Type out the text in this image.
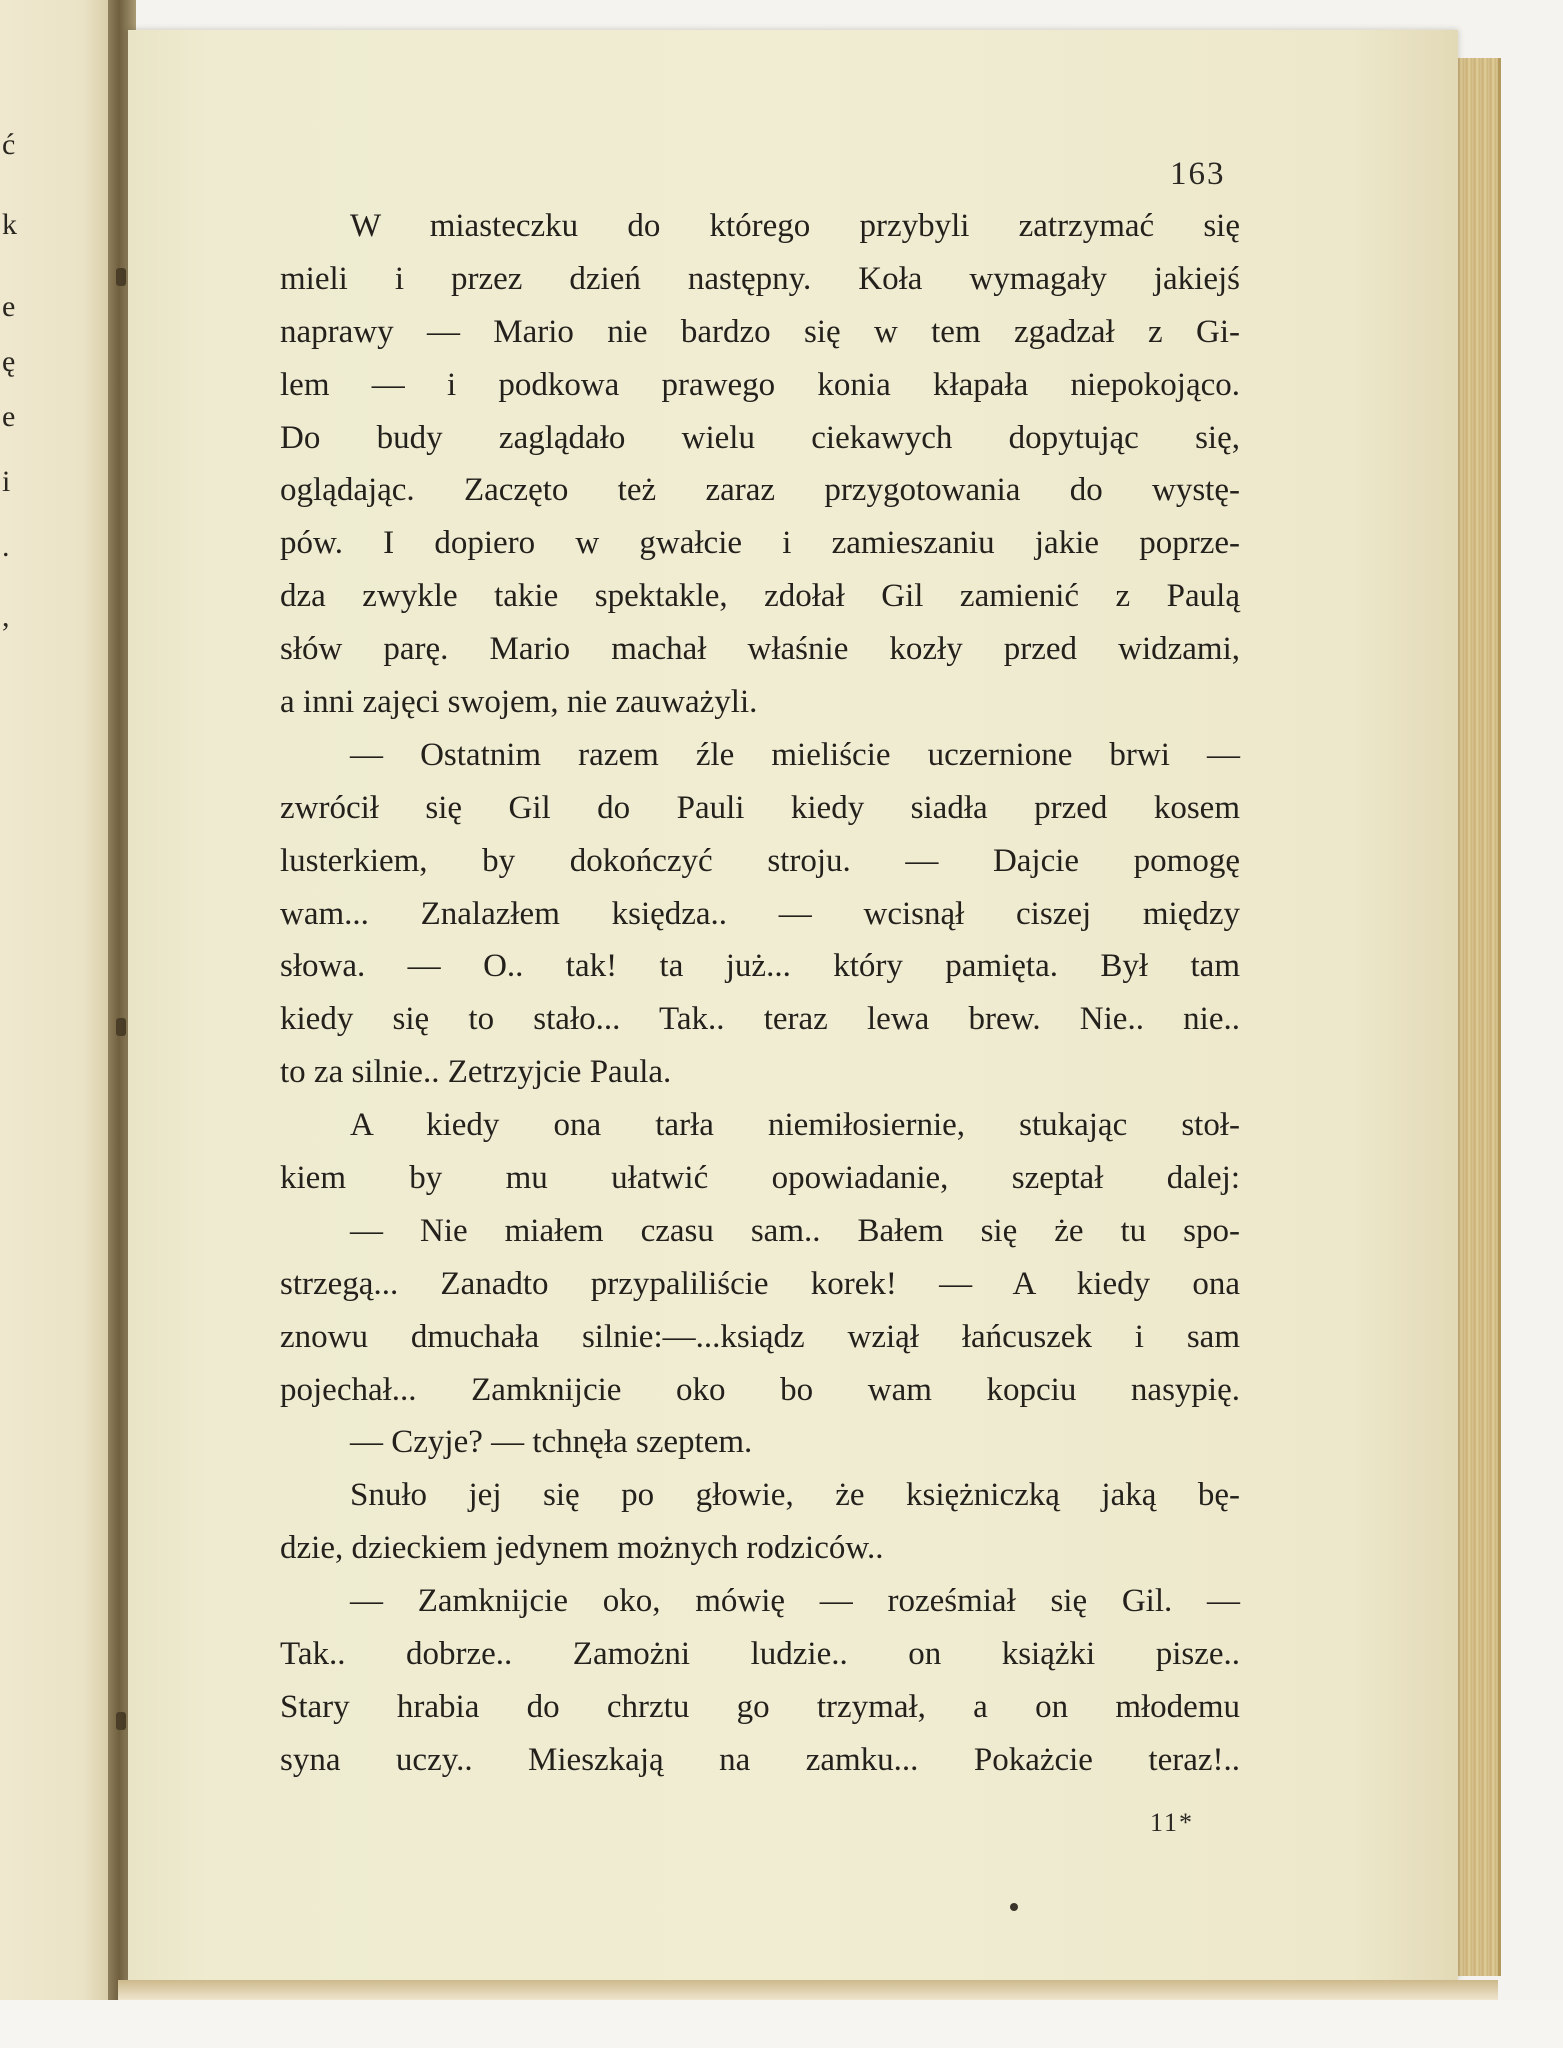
ć
k
e
ę
e
i
.
,
163
W miasteczku do którego przybyli zatrzymać się
mieli i przez dzień następny. Koła wymagały jakiejś
naprawy — Mario nie bardzo się w tem zgadzał z Gi-
lem — i podkowa prawego konia kłapała niepokojąco.
Do budy zaglądało wielu ciekawych dopytując się,
oglądając. Zaczęto też zaraz przygotowania do wystę-
pów. I dopiero w gwałcie i zamieszaniu jakie poprze-
dza zwykle takie spektakle, zdołał Gil zamienić z Paulą
słów parę. Mario machał właśnie kozły przed widzami,
a inni zajęci swojem, nie zauważyli.
— Ostatnim razem źle mieliście uczernione brwi —
zwrócił się Gil do Pauli kiedy siadła przed kosem
lusterkiem, by dokończyć stroju. — Dajcie pomogę
wam... Znalazłem księdza.. — wcisnął ciszej między
słowa. — O.. tak! ta już... który pamięta. Był tam
kiedy się to stało... Tak.. teraz lewa brew. Nie.. nie..
to za silnie.. Zetrzyjcie Paula.
A kiedy ona tarła niemiłosiernie, stukając stoł-
kiem by mu ułatwić opowiadanie, szeptał dalej:
— Nie miałem czasu sam.. Bałem się że tu spo-
strzegą... Zanadto przypaliliście korek! — A kiedy ona
znowu dmuchała silnie:—...ksiądz wziął łańcuszek i sam
pojechał... Zamknijcie oko bo wam kopciu nasypię.
— Czyje? — tchnęła szeptem.
Snuło jej się po głowie, że księżniczką jaką bę-
dzie, dzieckiem jedynem możnych rodziców..
— Zamknijcie oko, mówię — roześmiał się Gil. —
Tak.. dobrze.. Zamożni ludzie.. on książki pisze..
Stary hrabia do chrztu go trzymał, a on młodemu
syna uczy.. Mieszkają na zamku... Pokażcie teraz!..
11*
